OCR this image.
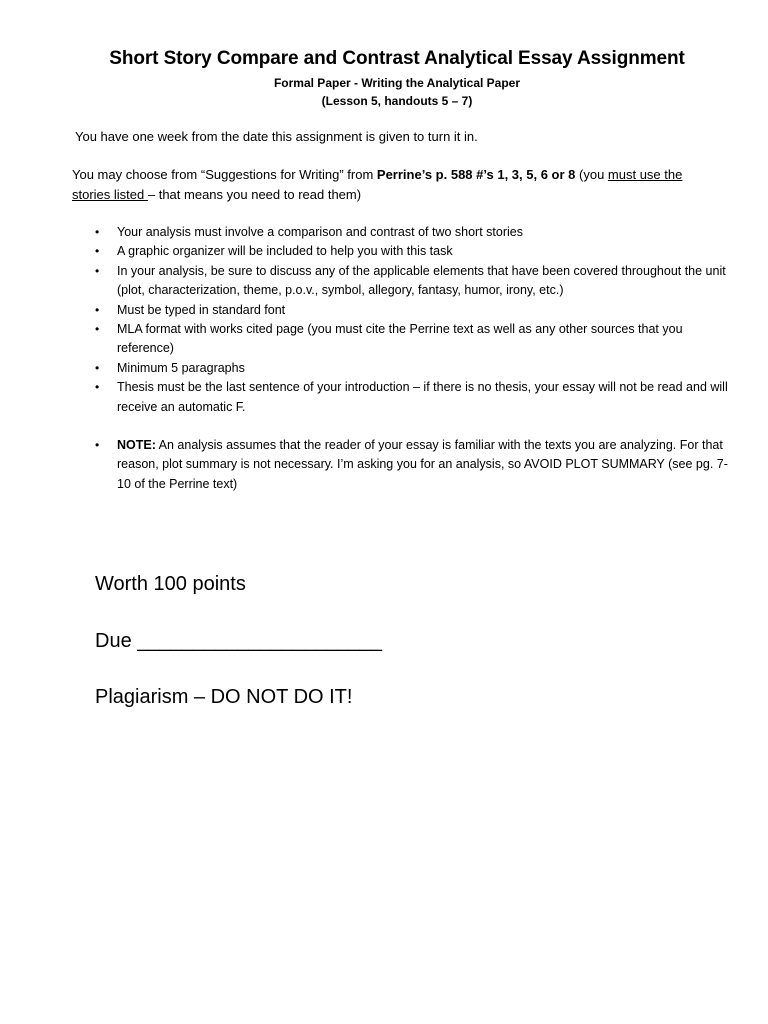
Short Story Compare and Contrast Analytical Essay Assignment
Formal Paper - Writing the Analytical Paper
(Lesson 5, handouts 5 – 7)
You have one week from the date this assignment is given to turn it in.
You may choose from “Suggestions for Writing” from Perrine’s p. 588 #’s 1, 3, 5, 6 or 8 (you must use the
stories listed – that means you need to read them)
• Your analysis must involve a comparison and contrast of two short stories
• A graphic organizer will be included to help you with this task
• In your analysis, be sure to discuss any of the applicable elements that have been covered throughout the unit (plot, characterization, theme, p.o.v., symbol, allegory, fantasy, humor, irony, etc.)
• Must be typed in standard font
• MLA format with works cited page (you must cite the Perrine text as well as any other sources that you reference)
• Minimum 5 paragraphs
• Thesis must be the last sentence of your introduction – if there is no thesis, your essay will not be read and will receive an automatic F.
• NOTE: An analysis assumes that the reader of your essay is familiar with the texts you are analyzing. For that reason, plot summary is not necessary. I’m asking you for an analysis, so AVOID PLOT SUMMARY (see pg. 7-10 of the Perrine text)
Worth 100 points
Due ______________________
Plagiarism – DO NOT DO IT!
